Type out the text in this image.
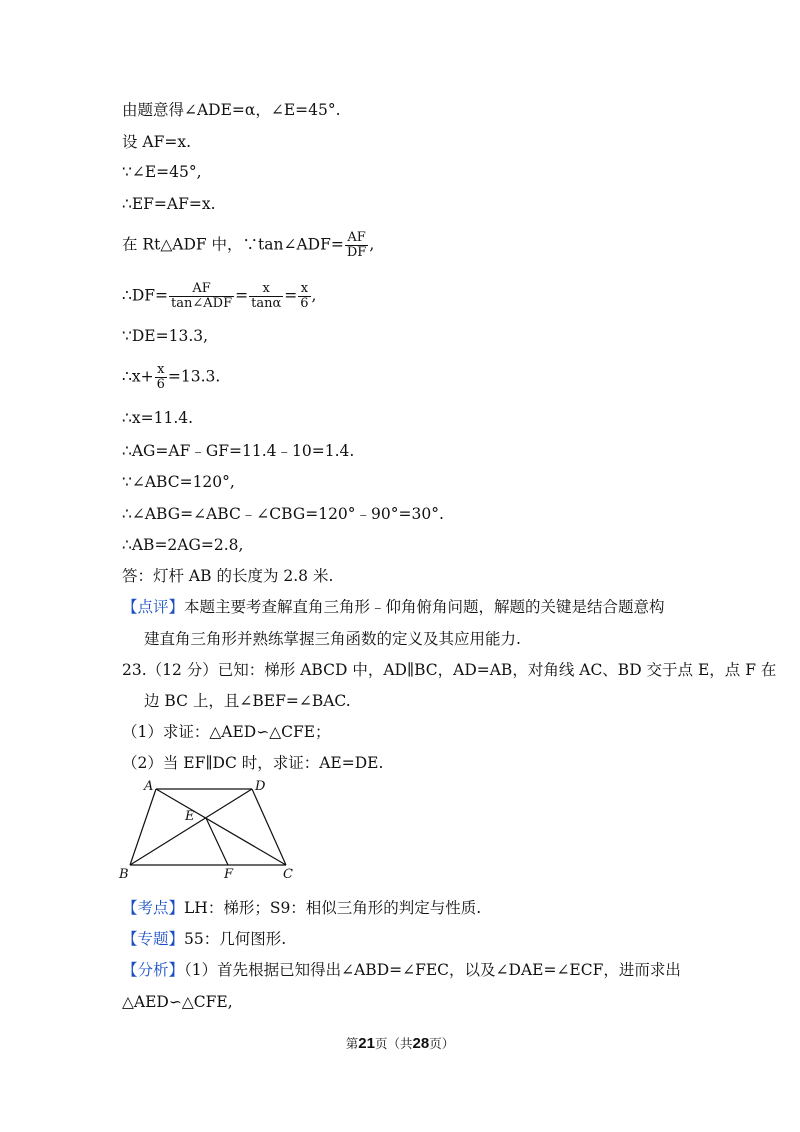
由题意得∠ADE=α，∠E=45°.
设 AF=x.
∵∠E=45°,
∴EF=AF=x.
在 Rt△ADF 中，∵tan∠ADF= $\frac{AF}{DF}$ ,
∴DF= $\frac{AF}{\text{tan∠ADF}} = \frac{x}{\tan\alpha} = \frac{x}{6}$ ,
∵DE=13.3,
∴x+ $\frac{x}{6} =13.3$.
∴x=11.4.
∴AG=AF﹣GF=11.4﹣10=1.4.
∵∠ABC=120°,
∴∠ABG=∠ABC﹣∠CBG=120°﹣90°=30°.
∴AB=2AG=2.8,
答：灯杆 AB 的长度为 2.8 米.
【点评】本题主要考查解直角三角形﹣仰角俯角问题，解题的关键是结合题意构
建直角三角形并熟练掌握三角函数的定义及其应用能力.
23.（12 分）已知：梯形 ABCD 中，AD∥BC，AD=AB，对角线 AC、BD 交于点 E，点 F 在
边 BC 上，且∠BEF=∠BAC.
（1）求证：△AED∽△CFE；
（2）当 EF∥DC 时，求证：AE=DE.
A	D
E
B	F	C
【考点】LH：梯形；S9：相似三角形的判定与性质.
【专题】55：几何图形.
【分析】（1）首先根据已知得出∠ABD=∠FEC，以及∠DAE=∠ECF，进而求出
△AED∽△CFE,
第21页（共28页）
